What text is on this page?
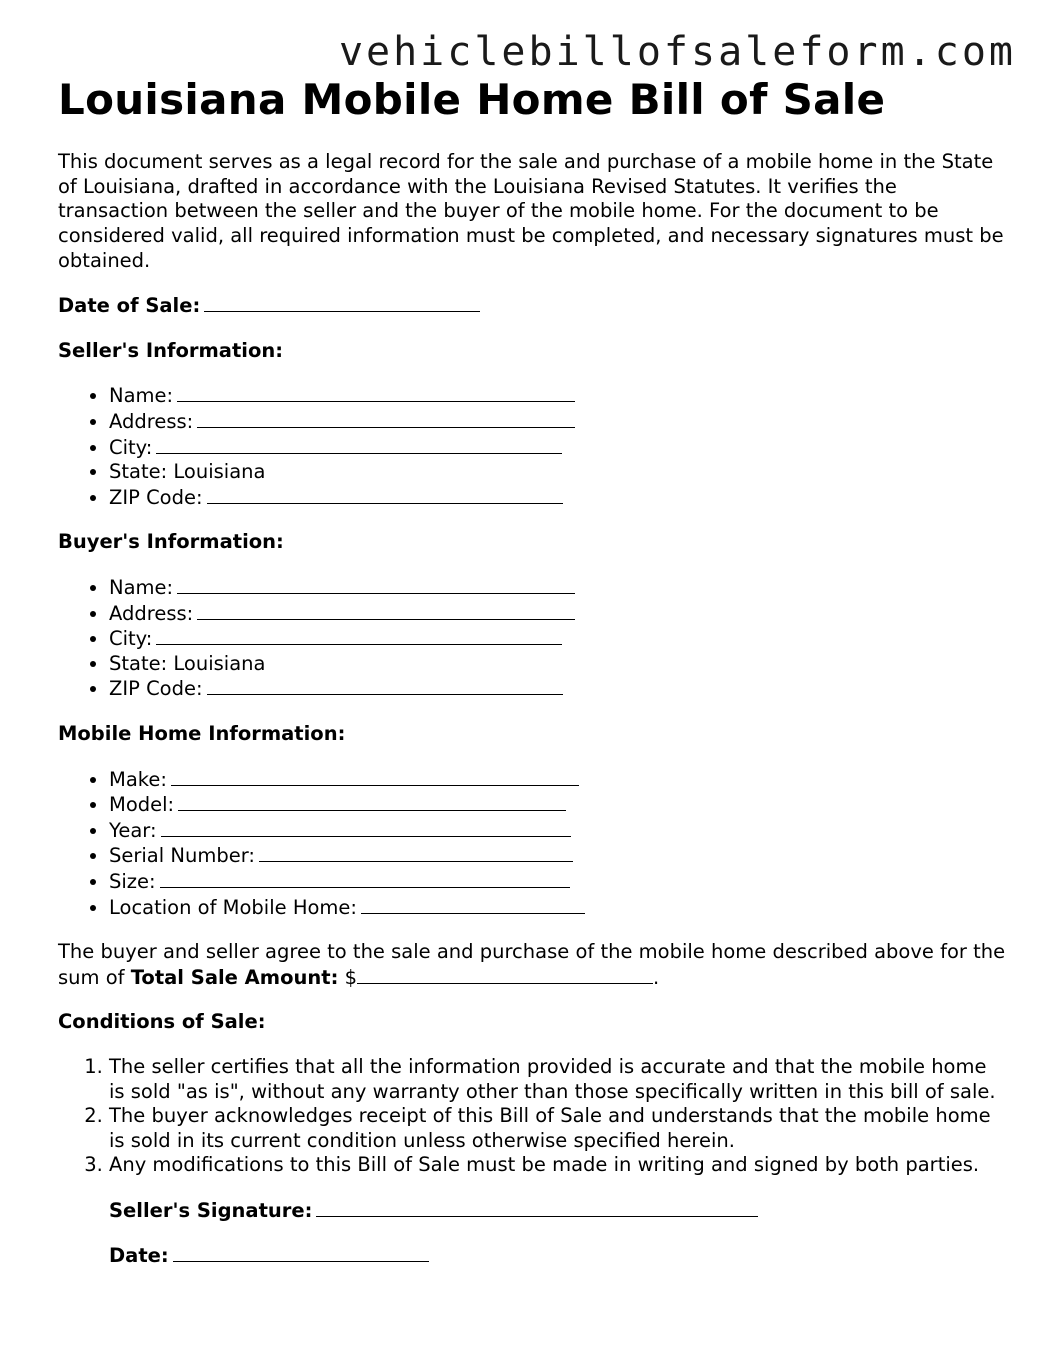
vehiclebillofsaleform.com
Louisiana Mobile Home Bill of Sale

This document serves as a legal record for the sale and purchase of a mobile home in the State of Louisiana, drafted in accordance with the Louisiana Revised Statutes. It verifies the transaction between the seller and the buyer of the mobile home. For the document to be considered valid, all required information must be completed, and necessary signatures must be obtained.

Date of Sale:

Seller's Information:

• Name:
• Address:
• City:
• State: Louisiana
• ZIP Code:

Buyer's Information:

• Name:
• Address:
• City:
• State: Louisiana
• ZIP Code:

Mobile Home Information:

• Make:
• Model:
• Year:
• Serial Number:
• Size:
• Location of Mobile Home:

The buyer and seller agree to the sale and purchase of the mobile home described above for the sum of Total Sale Amount: $	.

Conditions of Sale:

1. The seller certifies that all the information provided is accurate and that the mobile home is sold "as is", without any warranty other than those specifically written in this bill of sale.
2. The buyer acknowledges receipt of this Bill of Sale and understands that the mobile home is sold in its current condition unless otherwise specified herein.
3. Any modifications to this Bill of Sale must be made in writing and signed by both parties.

Seller's Signature:

Date:
